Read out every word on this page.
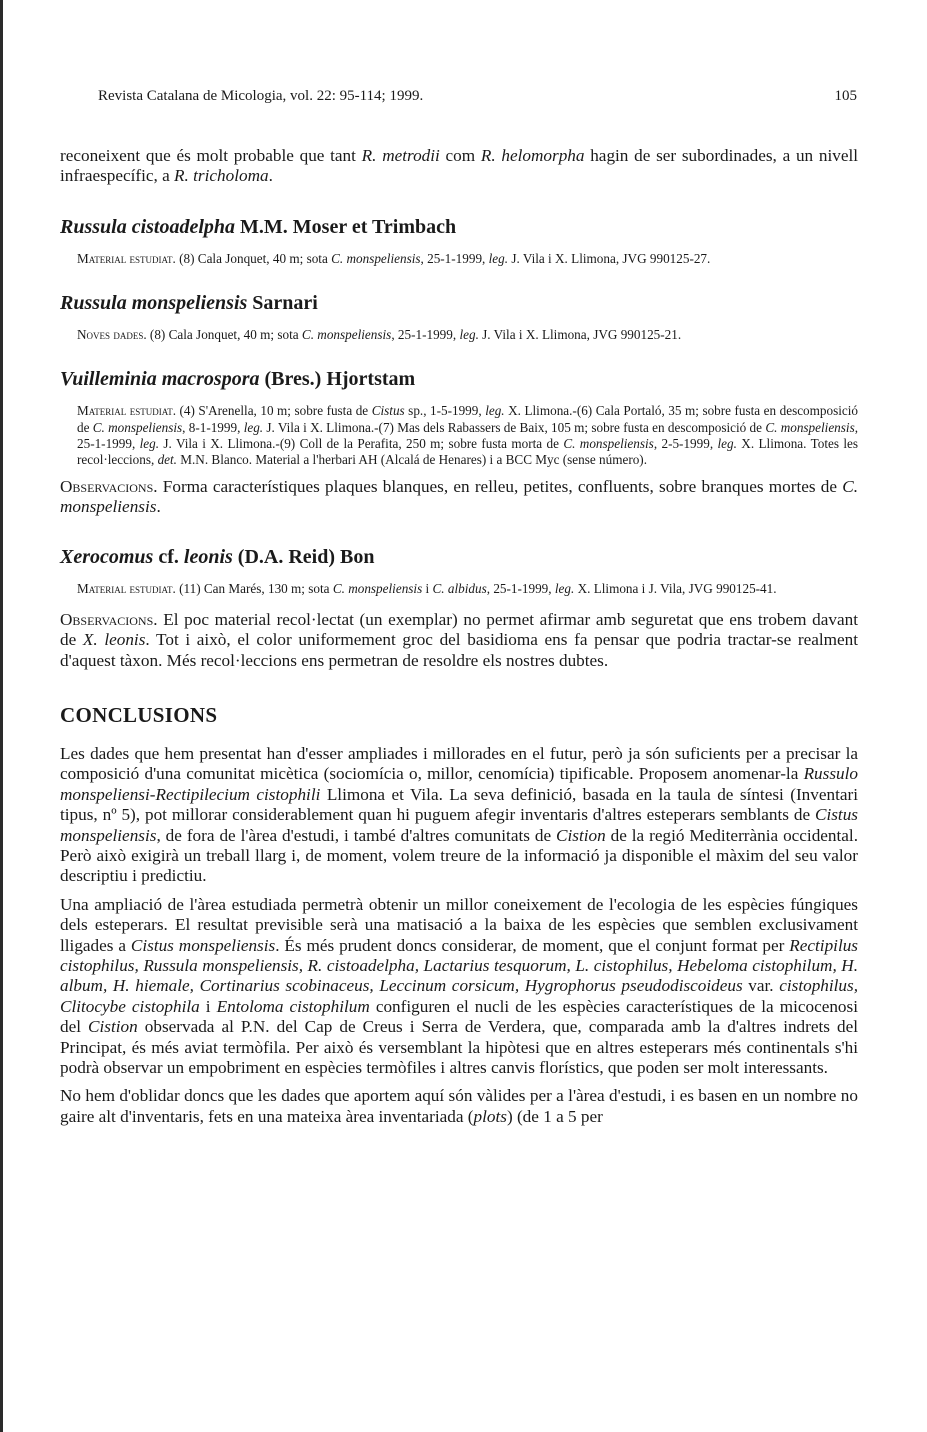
Revista Catalana de Micologia, vol. 22: 95-114; 1999.	105

reconeixent que és molt probable que tant R. metrodii com R. helomorpha hagin de ser subordinades, a un nivell infraespecífic, a R. tricholoma.

Russula cistoadelpha M.M. Moser et Trimbach

Material estudiat. (8) Cala Jonquet, 40 m; sota C. monspeliensis, 25-1-1999, leg. J. Vila i X. Llimona, JVG 990125-27.

Russula monspeliensis Sarnari

Noves dades. (8) Cala Jonquet, 40 m; sota C. monspeliensis, 25-1-1999, leg. J. Vila i X. Llimona, JVG 990125-21.

Vuilleminia macrospora (Bres.) Hjortstam

Material estudiat. (4) S'Arenella, 10 m; sobre fusta de Cistus sp., 1-5-1999, leg. X. Llimona.-(6) Cala Portaló, 35 m; sobre fusta en descomposició de C. monspeliensis, 8-1-1999, leg. J. Vila i X. Llimona.-(7) Mas dels Rabassers de Baix, 105 m; sobre fusta en descomposició de C. monspeliensis, 25-1-1999, leg. J. Vila i X. Llimona.-(9) Coll de la Perafita, 250 m; sobre fusta morta de C. monspeliensis, 2-5-1999, leg. X. Llimona. Totes les recol·leccions, det. M.N. Blanco. Material a l'herbari AH (Alcalá de Henares) i a BCC Myc (sense número).

Observacions. Forma característiques plaques blanques, en relleu, petites, confluents, sobre branques mortes de C. monspeliensis.

Xerocomus cf. leonis (D.A. Reid) Bon

Material estudiat. (11) Can Marés, 130 m; sota C. monspeliensis i C. albidus, 25-1-1999, leg. X. Llimona i J. Vila, JVG 990125-41.

Observacions. El poc material recol·lectat (un exemplar) no permet afirmar amb seguretat que ens trobem davant de X. leonis. Tot i això, el color uniformement groc del basidioma ens fa pensar que podria tractar-se realment d'aquest tàxon. Més recol·leccions ens permetran de resoldre els nostres dubtes.

CONCLUSIONS

Les dades que hem presentat han d'esser ampliades i millorades en el futur, però ja són suficients per a precisar la composició d'una comunitat micètica (sociomícia o, millor, cenomícia) tipificable. Proposem anomenar-la Russulo monspeliensi-Rectipilecium cistophili Llimona et Vila. La seva definició, basada en la taula de síntesi (Inventari tipus, nº 5), pot millorar considerablement quan hi puguem afegir inventaris d'altres esteperars semblants de Cistus monspeliensis, de fora de l'àrea d'estudi, i també d'altres comunitats de Cistion de la regió Mediterrània occidental. Però això exigirà un treball llarg i, de moment, volem treure de la informació ja disponible el màxim del seu valor descriptiu i predictiu.

Una ampliació de l'àrea estudiada permetrà obtenir un millor coneixement de l'ecologia de les espècies fúngiques dels esteperars. El resultat previsible serà una matisació a la baixa de les espècies que semblen exclusivament lligades a Cistus monspeliensis. És més prudent doncs considerar, de moment, que el conjunt format per Rectipilus cistophilus, Russula monspeliensis, R. cistoadelpha, Lactarius tesquorum, L. cistophilus, Hebeloma cistophilum, H. album, H. hiemale, Cortinarius scobinaceus, Leccinum corsicum, Hygrophorus pseudodiscoideus var. cistophilus, Clitocybe cistophila i Entoloma cistophilum configuren el nucli de les espècies característiques de la micocenosi del Cistion observada al P.N. del Cap de Creus i Serra de Verdera, que, comparada amb la d'altres indrets del Principat, és més aviat termòfila. Per això és versemblant la hipòtesi que en altres esteperars més continentals s'hi podrà observar un empobriment en espècies termòfiles i altres canvis florístics, que poden ser molt interessants.

No hem d'oblidar doncs que les dades que aportem aquí són vàlides per a l'àrea d'estudi, i es basen en un nombre no gaire alt d'inventaris, fets en una mateixa àrea inventariada (plots) (de 1 a 5 per
